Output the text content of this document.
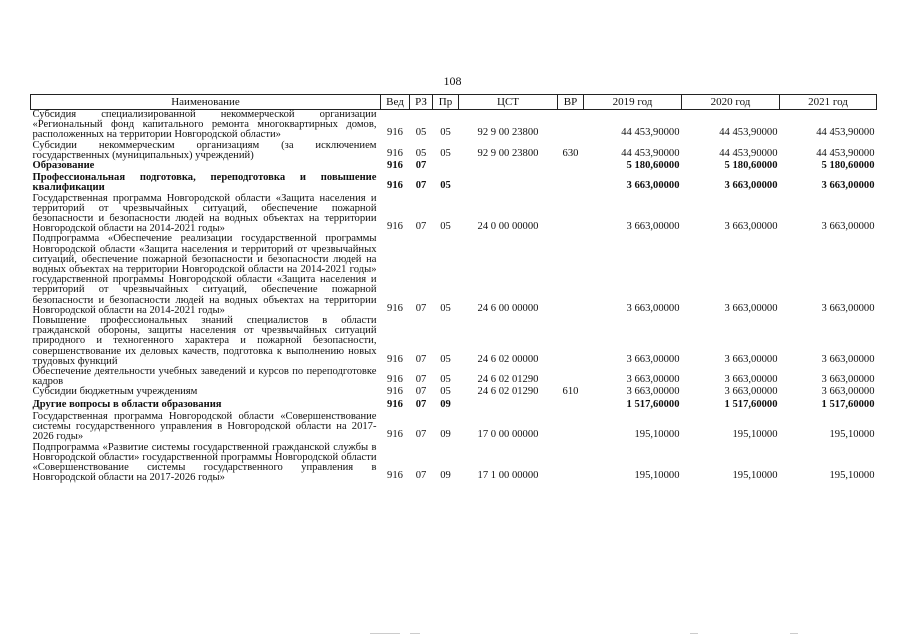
108
Наименование	Вед	РЗ	Пр	ЦСТ	ВР	2019 год	2020 год	2021 год
Субсидия специализированной некоммерческой организации «Региональный фонд капитального ремонта многоквартирных домов, расположенных на территории Новгородской области»	916	05	05	92 9 00 23800		44 453,90000	44 453,90000	44 453,90000
Субсидии некоммерческим организациям (за исключением государственных (муниципальных) учреждений)	916	05	05	92 9 00 23800	630	44 453,90000	44 453,90000	44 453,90000
Образование	916	07				5 180,60000	5 180,60000	5 180,60000
Профессиональная подготовка, переподготовка и повышение квалификации	916	07	05			3 663,00000	3 663,00000	3 663,00000
Государственная программа Новгородской области «Защита населения и территорий от чрезвычайных ситуаций, обеспечение пожарной безопасности и безопасности людей на водных объектах на территории Новгородской области на 2014-2021 годы»	916	07	05	24 0 00 00000		3 663,00000	3 663,00000	3 663,00000
Подпрограмма «Обеспечение реализации государственной программы Новгородской области «Защита населения и территорий от чрезвычайных ситуаций, обеспечение пожарной безопасности и безопасности людей на водных объектах на территории Новгородской области на 2014-2021 годы» государственной программы Новгородской области «Защита населения и территорий от чрезвычайных ситуаций, обеспечение пожарной безопасности и безопасности людей на водных объектах на территории Новгородской области на 2014-2021 годы»	916	07	05	24 6 00 00000		3 663,00000	3 663,00000	3 663,00000
Повышение профессиональных знаний специалистов в области гражданской обороны, защиты населения от чрезвычайных ситуаций природного и техногенного характера и пожарной безопасности, совершенствование их деловых качеств, подготовка к выполнению новых трудовых функций	916	07	05	24 6 02 00000		3 663,00000	3 663,00000	3 663,00000
Обеспечение деятельности учебных заведений и курсов по переподготовке кадров	916	07	05	24 6 02 01290		3 663,00000	3 663,00000	3 663,00000
Субсидии бюджетным учреждениям	916	07	05	24 6 02 01290	610	3 663,00000	3 663,00000	3 663,00000
Другие вопросы в области образования	916	07	09			1 517,60000	1 517,60000	1 517,60000
Государственная программа Новгородской области «Совершенствование системы государственного управления в Новгородской области на 2017-2026 годы»	916	07	09	17 0 00 00000		195,10000	195,10000	195,10000
Подпрограмма «Развитие системы государственной гражданской службы в Новгородской области» государственной программы Новгородской области «Совершенствование системы государственного управления в Новгородской области на 2017-2026 годы»	916	07	09	17 1 00 00000		195,10000	195,10000	195,10000
